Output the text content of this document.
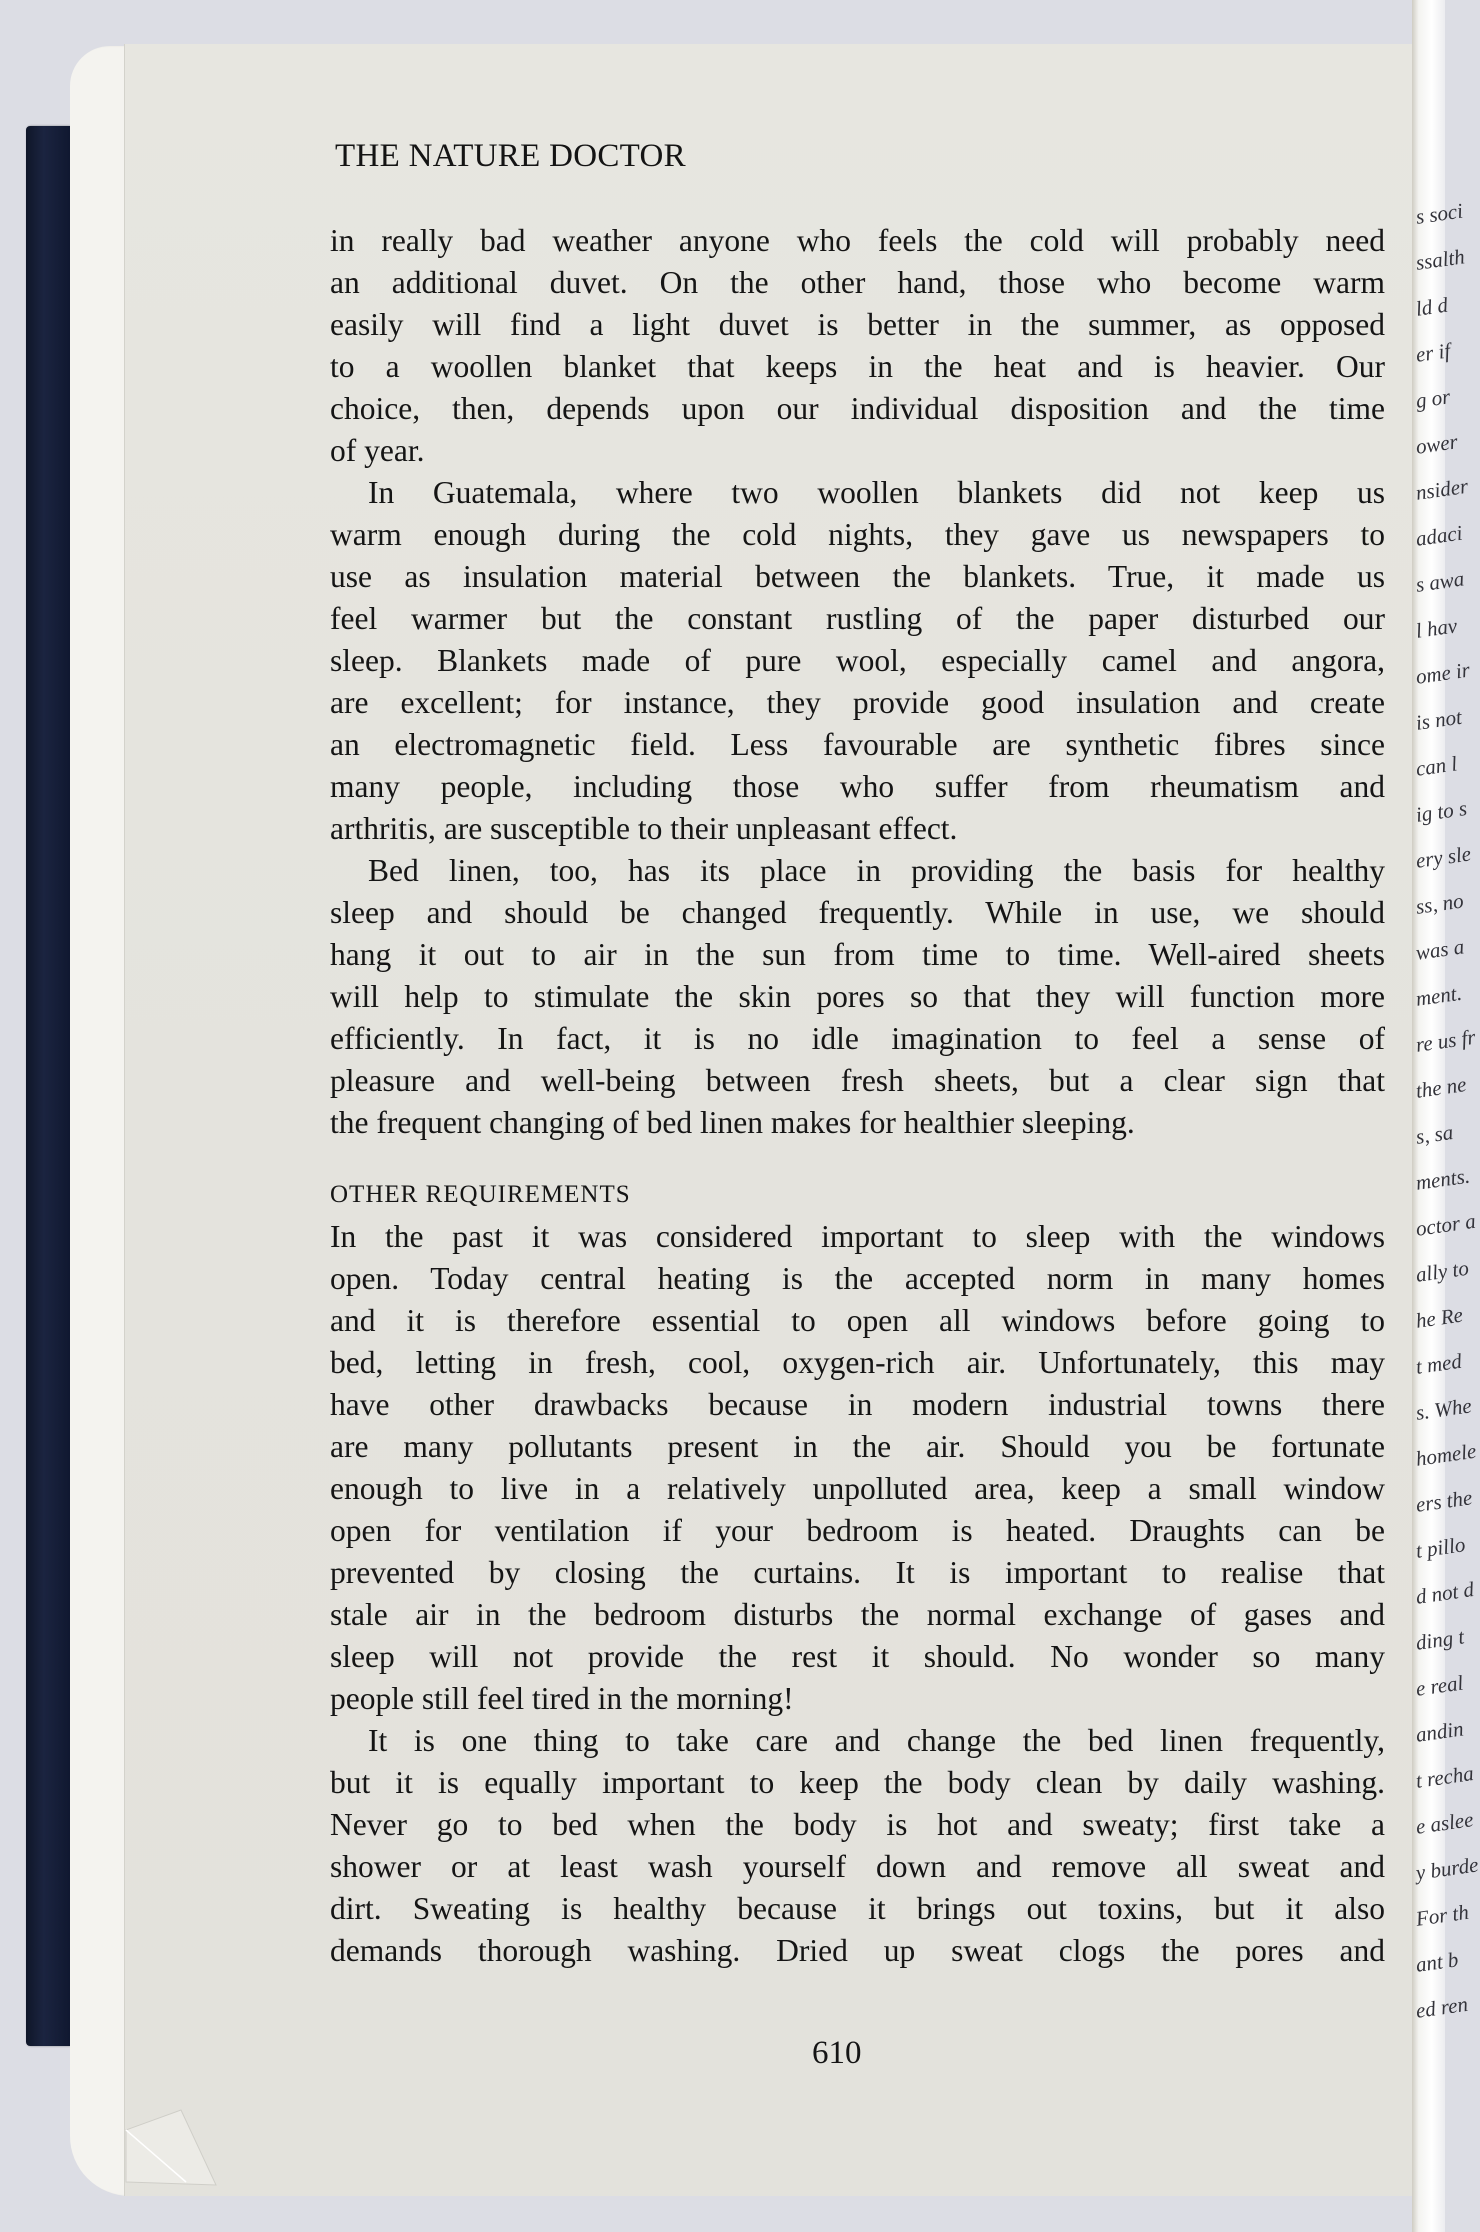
s soci
ssalth
ld d
er if
g or
ower
nsider
adaci
s awa
l hav
ome ir
is not
can l
ig to s
ery sle
ss, no
was a
ment.
re us fr
the ne
s, sa
ments.
octor a
ally to
he Re
t med
s. Whe
homele
ers the
t pillo
d not d
ding t
e real
andin
t recha
e aslee
y burde
For th
ant b
ed ren
THE NATURE DOCTOR
in really bad weather anyone who feels the cold will probably need
an additional duvet. On the other hand, those who become warm
easily will find a light duvet is better in the summer, as opposed
to a woollen blanket that keeps in the heat and is heavier. Our
choice, then, depends upon our individual disposition and the time
of year.
In Guatemala, where two woollen blankets did not keep us
warm enough during the cold nights, they gave us newspapers to
use as insulation material between the blankets. True, it made us
feel warmer but the constant rustling of the paper disturbed our
sleep. Blankets made of pure wool, especially camel and angora,
are excellent; for instance, they provide good insulation and create
an electromagnetic field. Less favourable are synthetic fibres since
many people, including those who suffer from rheumatism and
arthritis, are susceptible to their unpleasant effect.
Bed linen, too, has its place in providing the basis for healthy
sleep and should be changed frequently. While in use, we should
hang it out to air in the sun from time to time. Well-aired sheets
will help to stimulate the skin pores so that they will function more
efficiently. In fact, it is no idle imagination to feel a sense of
pleasure and well-being between fresh sheets, but a clear sign that
the frequent changing of bed linen makes for healthier sleeping.
OTHER REQUIREMENTS
In the past it was considered important to sleep with the windows
open. Today central heating is the accepted norm in many homes
and it is therefore essential to open all windows before going to
bed, letting in fresh, cool, oxygen-rich air. Unfortunately, this may
have other drawbacks because in modern industrial towns there
are many pollutants present in the air. Should you be fortunate
enough to live in a relatively unpolluted area, keep a small window
open for ventilation if your bedroom is heated. Draughts can be
prevented by closing the curtains. It is important to realise that
stale air in the bedroom disturbs the normal exchange of gases and
sleep will not provide the rest it should. No wonder so many
people still feel tired in the morning!
It is one thing to take care and change the bed linen frequently,
but it is equally important to keep the body clean by daily washing.
Never go to bed when the body is hot and sweaty; first take a
shower or at least wash yourself down and remove all sweat and
dirt. Sweating is healthy because it brings out toxins, but it also
demands thorough washing. Dried up sweat clogs the pores and
610
